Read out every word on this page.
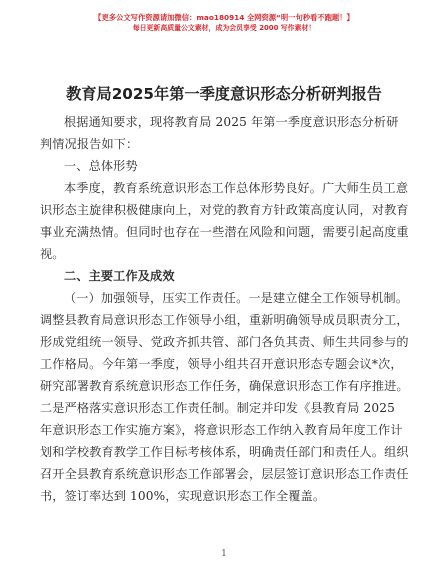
【更多公文写作资源请加微信：mao180914 全网资源“明一句秒看不跑题！】
每日更新高质量公文素材，成为会员享受 2000 写作素材！
教育局2025年第一季度意识形态分析研判报告

根据通知要求，现将教育局 2025 年第一季度意识形态分析研判情况报告如下：

一、总体形势

本季度，教育系统意识形态工作总体形势良好。广大师生员工意识形态主旋律积极健康向上，对党的教育方针政策高度认同，对教育事业充满热情。但同时也存在一些潜在风险和问题，需要引起高度重视。

二、主要工作及成效

（一）加强领导，压实工作责任。一是建立健全工作领导机制。调整县教育局意识形态工作领导小组，重新明确领导成员职责分工，形成党组统一领导、党政齐抓共管、部门各负其责、师生共同参与的工作格局。今年第一季度，领导小组共召开意识形态专题会议*次，研究部署教育系统意识形态工作任务，确保意识形态工作有序推进。二是严格落实意识形态工作责任制。制定并印发《县教育局 2025 年意识形态工作实施方案》，将意识形态工作纳入教育局年度工作计划和学校教育教学工作目标考核体系，明确责任部门和责任人。组织召开全县教育系统意识形态工作部署会，层层签订意识形态工作责任书，签订率达到 100%，实现意识形态工作全覆盖。

1
